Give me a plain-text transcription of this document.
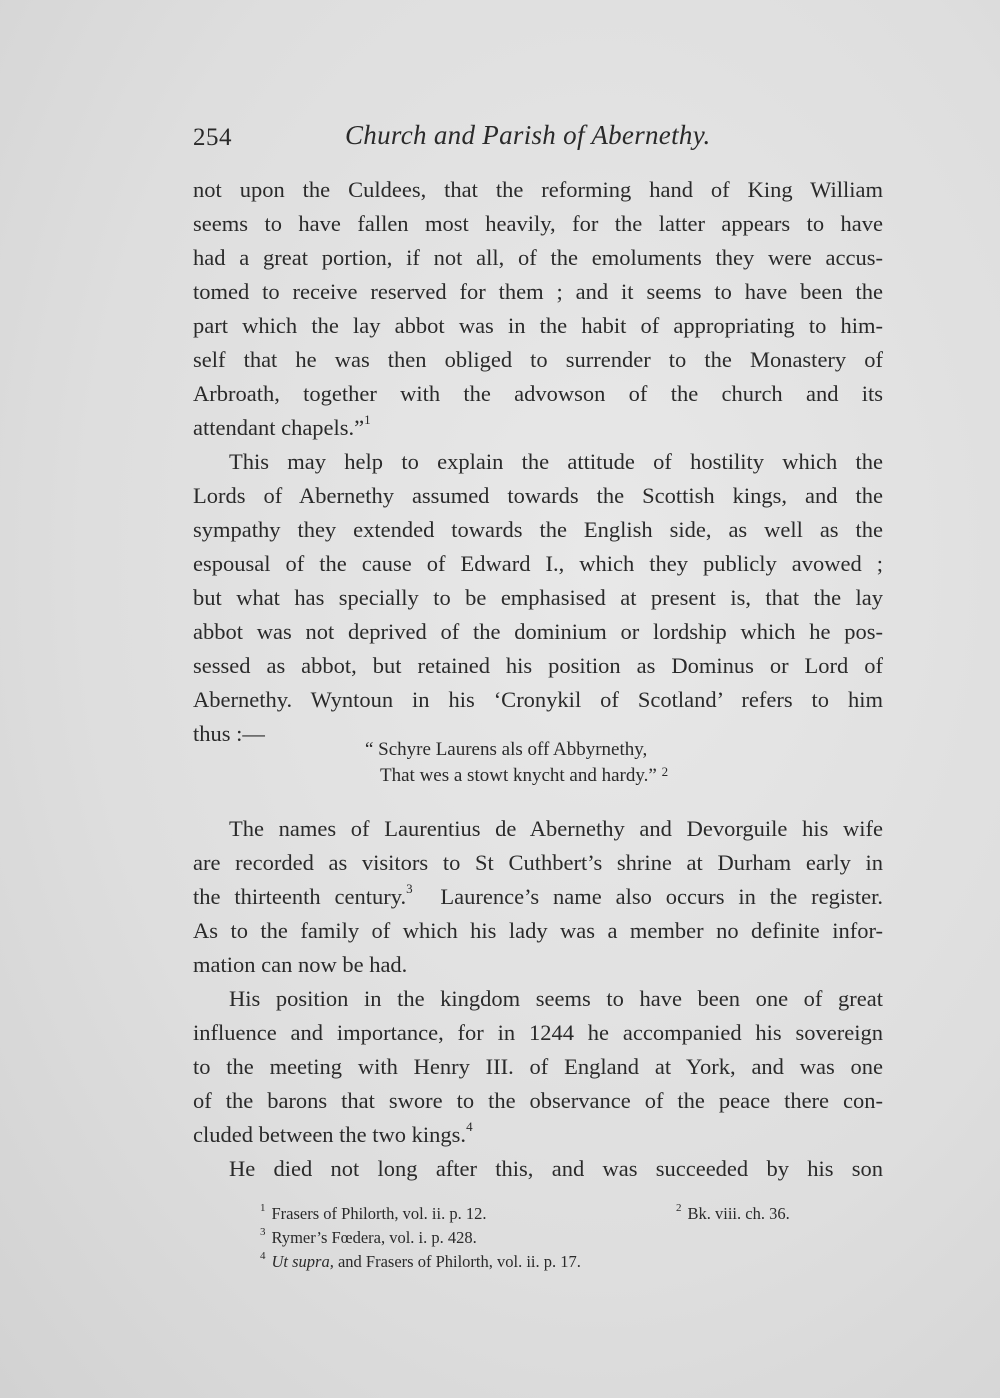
254	Church and Parish of Abernethy.
not upon the Culdees, that the reforming hand of King William
seems to have fallen most heavily, for the latter appears to have
had a great portion, if not all, of the emoluments they were accus-
tomed to receive reserved for them ; and it seems to have been the
part which the lay abbot was in the habit of appropriating to him-
self that he was then obliged to surrender to the Monastery of
Arbroath, together with the advowson of the church and its
attendant chapels.”$^1$
This may help to explain the attitude of hostility which the
Lords of Abernethy assumed towards the Scottish kings, and the
sympathy they extended towards the English side, as well as the
espousal of the cause of Edward I., which they publicly avowed ;
but what has specially to be emphasised at present is, that the lay
abbot was not deprived of the dominium or lordship which he pos-
sessed as abbot, but retained his position as Dominus or Lord of
Abernethy. Wyntoun in his ‘Cronykil of Scotland’ refers to him
thus :—
“ Schyre Laurens als off Abbyrnethy,
That wes a stowt knycht and hardy.” $^2$
The names of Laurentius de Abernethy and Devorguile his wife
are recorded as visitors to St Cuthbert’s shrine at Durham early in
the thirteenth century.$^3$ Laurence’s name also occurs in the register.
As to the family of which his lady was a member no definite infor-
mation can now be had.
His position in the kingdom seems to have been one of great
influence and importance, for in 1244 he accompanied his sovereign
to the meeting with Henry III. of England at York, and was one
of the barons that swore to the observance of the peace there con-
cluded between the two kings.$^4$
He died not long after this, and was succeeded by his son
$^1$ Frasers of Philorth, vol. ii. p. 12.	$^2$ Bk. viii. ch. 36.
$^3$ Rymer’s Fœdera, vol. i. p. 428.
$^4$ Ut supra, and Frasers of Philorth, vol. ii. p. 17.
